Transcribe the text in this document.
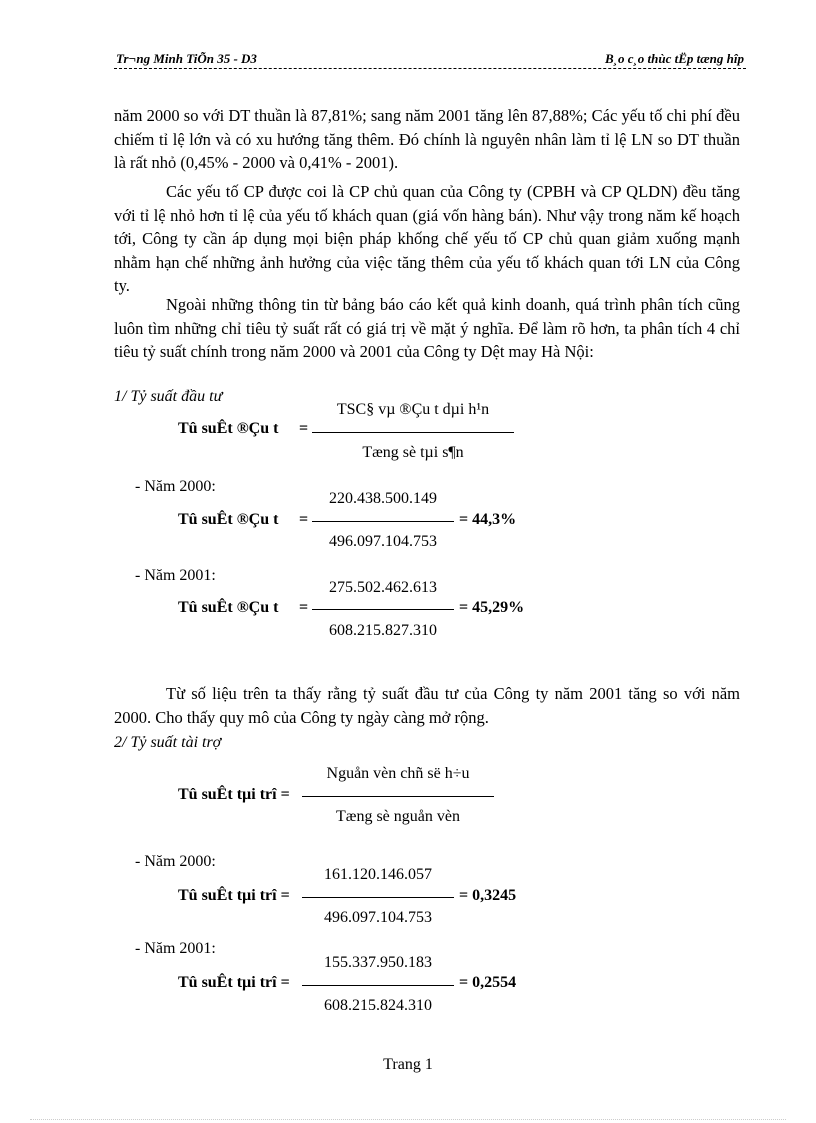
Tr¬ng Minh TiÕn 35 - D3	B¸o c¸o thùc tËp tæng hîp

năm 2000 so với DT thuần là 87,81%; sang năm 2001 tăng lên 87,88%; Các yếu tố chi phí đều chiếm tỉ lệ lớn và có xu hướng tăng thêm. Đó chính là nguyên nhân làm tỉ lệ LN so DT thuần là rất nhỏ (0,45% - 2000 và 0,41% - 2001).

Các yếu tố CP được coi là CP chủ quan của Công ty (CPBH và CP QLDN) đều tăng với tỉ lệ nhỏ hơn tỉ lệ của yếu tố khách quan (giá vốn hàng bán). Như vậy trong năm kế hoạch tới, Công ty cần áp dụng mọi biện pháp khống chế yếu tố CP chủ quan giảm xuống mạnh nhằm hạn chế những ảnh hưởng của việc tăng thêm của yếu tố khách quan tới LN của Công ty.

Ngoài những thông tin từ bảng báo cáo kết quả kinh doanh, quá trình phân tích cũng luôn tìm những chỉ tiêu tỷ suất rất có giá trị về mặt ý nghĩa. Để làm rõ hơn, ta phân tích 4 chỉ tiêu tỷ suất chính trong năm 2000 và 2001 của Công ty Dệt may Hà Nội:

1/ Tỷ suất đầu tư
Tû suÊt ®Çu t =
TSC§ vµ ®Çu t dµi h¹n
Tæng sè tµi s¶n
- Năm 2000:
Tû suÊt ®Çu t =
220.438.500.149
496.097.104.753
= 44,3%
- Năm 2001:
Tû suÊt ®Çu t =
275.502.462.613
608.215.827.310
= 45,29%

Từ số liệu trên ta thấy rằng tỷ suất đầu tư của Công ty năm 2001 tăng so với năm 2000. Cho thấy quy mô của Công ty ngày càng mở rộng.

2/ Tỷ suất tài trợ
Tû suÊt tµi trî =
Nguån vèn chñ së h÷u
Tæng sè nguån vèn
- Năm 2000:
Tû suÊt tµi trî =
161.120.146.057
496.097.104.753
= 0,3245
- Năm 2001:
Tû suÊt tµi trî =
155.337.950.183
608.215.824.310
= 0,2554
Trang 1
